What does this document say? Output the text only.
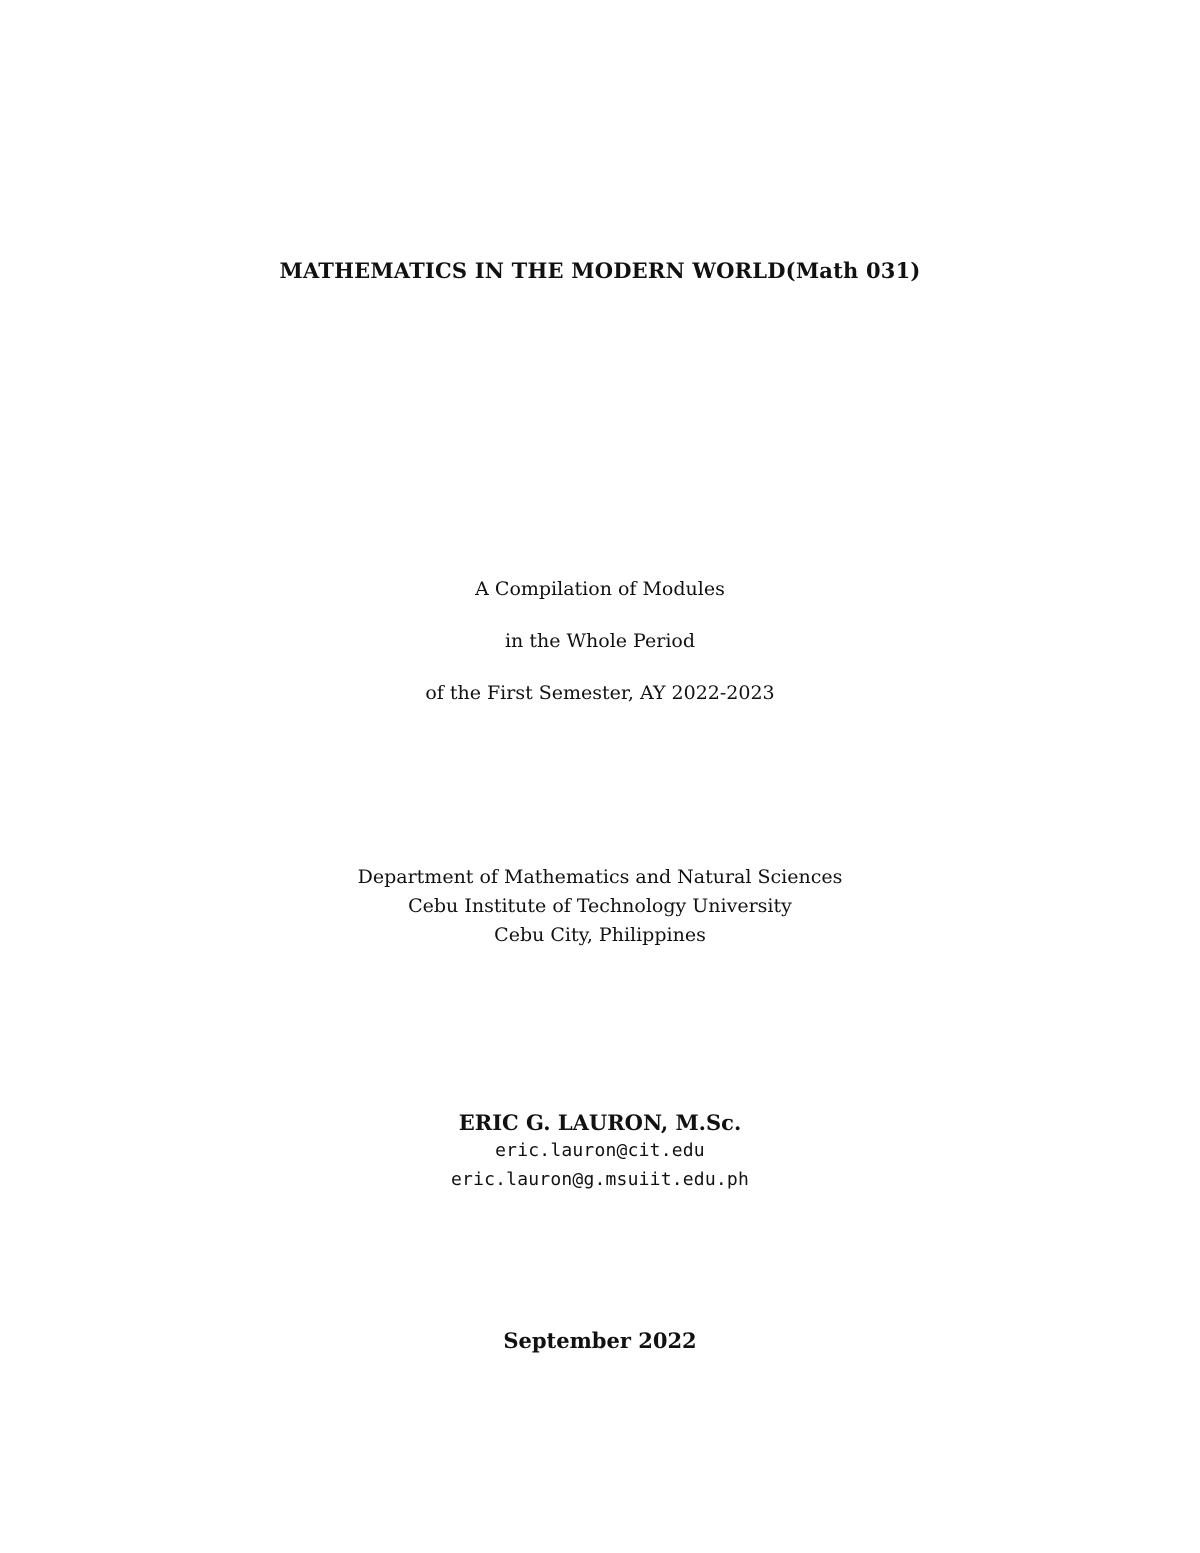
MATHEMATICS IN THE MODERN WORLD(Math 031)
A Compilation of Modules
in the Whole Period
of the First Semester, AY 2022-2023
Department of Mathematics and Natural Sciences
Cebu Institute of Technology University
Cebu City, Philippines
ERIC G. LAURON, M.Sc.
eric.lauron@cit.edu
eric.lauron@g.msuiit.edu.ph
September 2022
